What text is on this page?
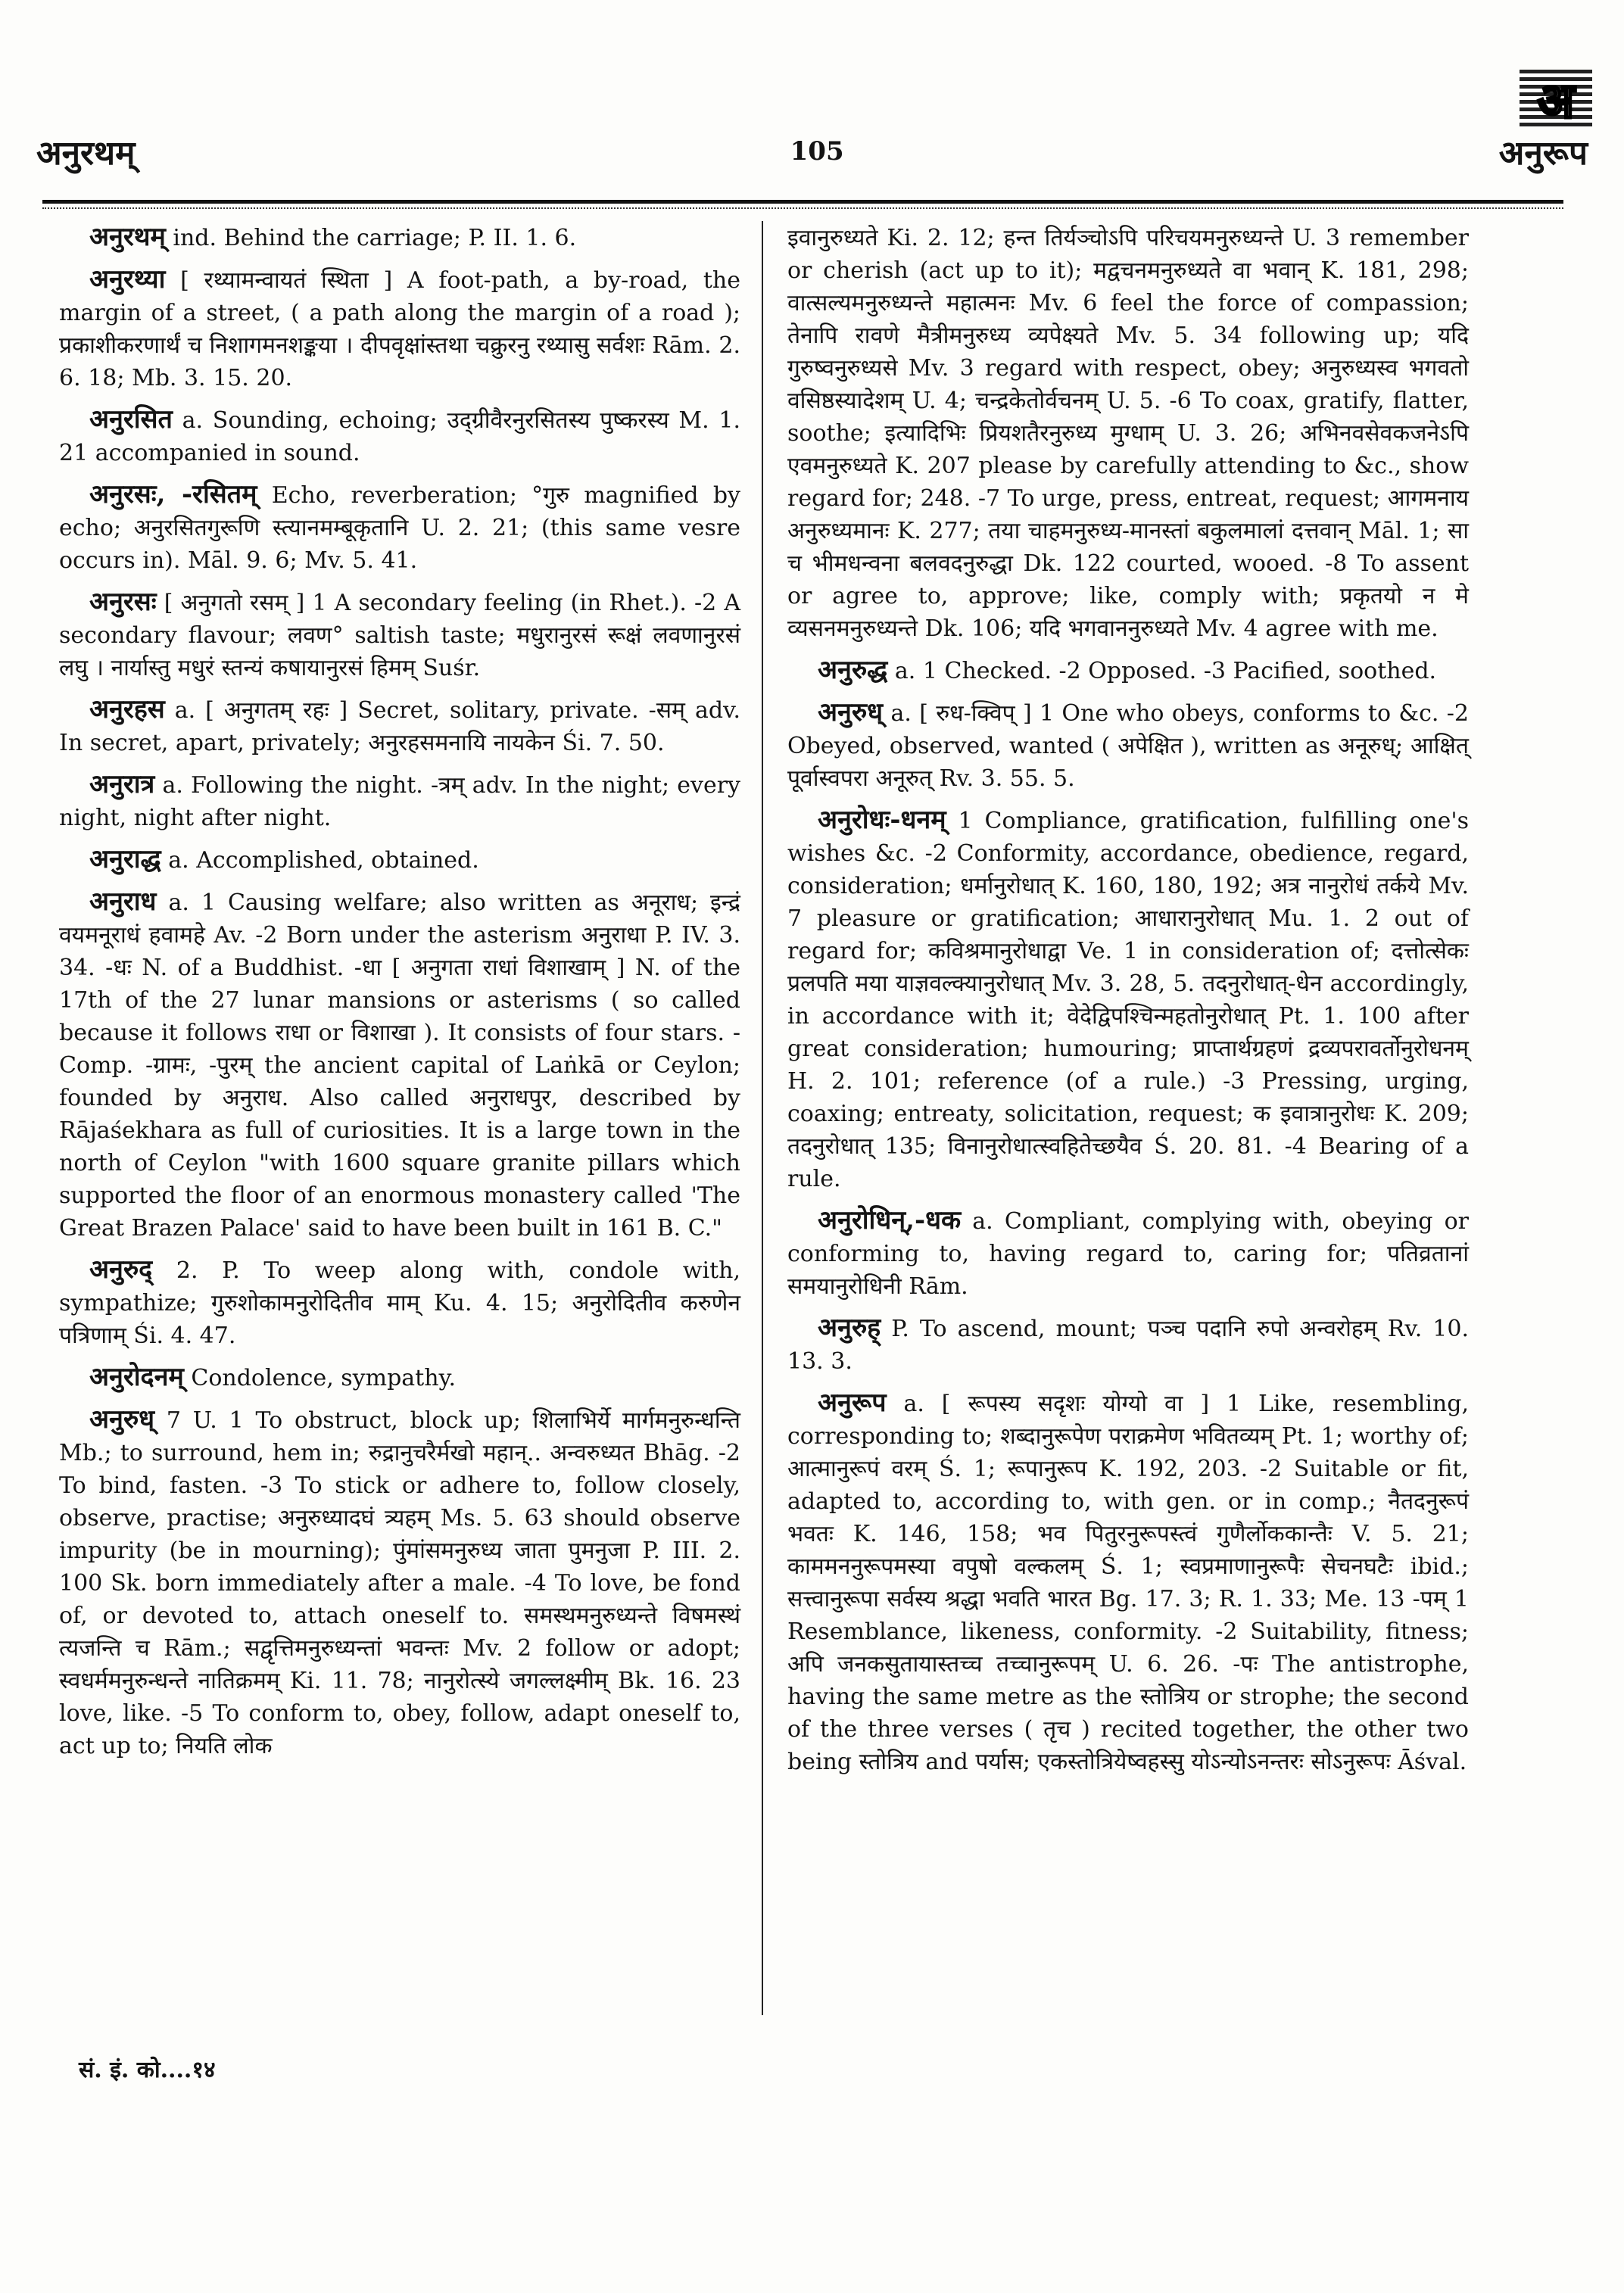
अनुरथम्	105	अनुरूप
अ

अनुरथम् ind. Behind the carriage; P. II. 1. 6.

अनुरथ्या [ रथ्यामन्वायतं स्थिता ] A foot-path, a by-road, the margin of a street, ( a path along the margin of a road ); प्रकाशीकरणार्थं च निशागमनशङ्कया । दीपवृक्षांस्तथा चक्रुरनु रथ्यासु सर्वशः Rām. 2. 6. 18; Mb. 3. 15. 20.

अनुरसित a. Sounding, echoing; उद्ग्रीवैरनुरसितस्य पुष्करस्य M. 1. 21 accompanied in sound.

अनुरसः, -रसितम् Echo, reverberation; °गुरु magnified by echo; अनुरसितगुरूणि स्त्यानमम्बूकृतानि U. 2. 21; (this same vesre occurs in). Māl. 9. 6; Mv. 5. 41.

अनुरसः [ अनुगतो रसम् ] 1 A secondary feeling (in Rhet.). -2 A secondary flavour; लवण° saltish taste; मधुरानुरसं रूक्षं लवणानुरसं लघु । नार्यास्तु मधुरं स्तन्यं कषायानुरसं हिमम् Suśr.

अनुरहस a. [ अनुगतम् रहः ] Secret, solitary, private. -सम् adv. In secret, apart, privately; अनुरहसमनायि नायकेन Śi. 7. 50.

अनुरात्र a. Following the night. -त्रम् adv. In the night; every night, night after night.

अनुराद्ध a. Accomplished, obtained.

अनुराध a. 1 Causing welfare; also written as अनूराध; इन्द्रं वयमनूराधं हवामहे Av. -2 Born under the asterism अनुराधा P. IV. 3. 34. -धः N. of a Buddhist. -धा [ अनुगता राधां विशाखाम् ] N. of the 17th of the 27 lunar mansions or asterisms ( so called because it follows राधा or विशाखा ). It consists of four stars. -Comp. -ग्रामः, -पुरम् the ancient capital of Laṅkā or Ceylon; founded by अनुराध. Also called अनुराधपुर, described by Rājaśekhara as full of curiosities. It is a large town in the north of Ceylon "with 1600 square granite pillars which supported the floor of an enormous monastery called 'The Great Brazen Palace' said to have been built in 161 B. C."

अनुरुद् 2. P. To weep along with, condole with, sympathize; गुरुशोकामनुरोदितीव माम् Ku. 4. 15; अनुरोदितीव करुणेन पत्रिणाम् Śi. 4. 47.

अनुरोदनम् Condolence, sympathy.

अनुरुध् 7 U. 1 To obstruct, block up; शिलाभिर्ये मार्गमनुरुन्धन्ति Mb.; to surround, hem in; रुद्रानुचरैर्मखो महान्.. अन्वरुध्यत Bhāg. -2 To bind, fasten. -3 To stick or adhere to, follow closely, observe, practise; अनुरुध्यादघं त्र्यहम् Ms. 5. 63 should observe impurity (be in mourning); पुंमांसमनुरुध्य जाता पुमनुजा P. III. 2. 100 Sk. born immediately after a male. -4 To love, be fond of, or devoted to, attach oneself to. समस्थमनुरुध्यन्ते विषमस्थं त्यजन्ति च Rām.; सद्वृत्तिमनुरुध्यन्तां भवन्तः Mv. 2 follow or adopt; स्वधर्ममनुरुन्धन्ते नातिक्रमम् Ki. 11. 78; नानुरोत्स्ये जगल्लक्ष्मीम् Bk. 16. 23 love, like. -5 To conform to, obey, follow, adapt oneself to, act up to; नियति लोक

इवानुरुध्यते Ki. 2. 12; हन्त तिर्यञ्चोऽपि परिचयमनुरुध्यन्ते U. 3 remember or cherish (act up to it); मद्वचनमनुरुध्यते वा भवान् K. 181, 298; वात्सल्यमनुरुध्यन्ते महात्मनः Mv. 6 feel the force of compassion; तेनापि रावणे मैत्रीमनुरुध्य व्यपेक्ष्यते Mv. 5. 34 following up; यदि गुरुष्वनुरुध्यसे Mv. 3 regard with respect, obey; अनुरुध्यस्व भगवतो वसिष्ठस्यादेशम् U. 4; चन्द्रकेतोर्वचनम् U. 5. -6 To coax, gratify, flatter, soothe; इत्यादिभिः प्रियशतैरनुरुध्य मुग्धाम् U. 3. 26; अभिनवसेवकजनेऽपि एवमनुरुध्यते K. 207 please by carefully attending to &c., show regard for; 248. -7 To urge, press, entreat, request; आगमनाय अनुरुध्यमानः K. 277; तया चाहमनुरुध्य-मानस्तां बकुलमालां दत्तवान् Māl. 1; सा च भीमधन्वना बलवदनुरुद्धा Dk. 122 courted, wooed. -8 To assent or agree to, approve; like, comply with; प्रकृतयो न मे व्यसनमनुरुध्यन्ते Dk. 106; यदि भगवाननुरुध्यते Mv. 4 agree with me.

अनुरुद्ध a. 1 Checked. -2 Opposed. -3 Pacified, soothed.

अनुरुध् a. [ रुध-क्विप् ] 1 One who obeys, conforms to &c. -2 Obeyed, observed, wanted ( अपेक्षित ), written as अनूरुध्; आक्षित् पूर्वास्वपरा अनूरुत् Rv. 3. 55. 5.

अनुरोधः-धनम् 1 Compliance, gratification, fulfilling one's wishes &c. -2 Conformity, accordance, obedience, regard, consideration; धर्मानुरोधात् K. 160, 180, 192; अत्र नानुरोधं तर्कये Mv. 7 pleasure or gratification; आधारानुरोधात् Mu. 1. 2 out of regard for; कविश्रमानुरोधाद्वा Ve. 1 in consideration of; दत्तोत्सेकः प्रलपति मया याज्ञवल्क्यानुरोधात् Mv. 3. 28, 5. तदनुरोधात्-धेन accordingly, in accordance with it; वेदेद्विपश्चिन्महतोनुरोधात् Pt. 1. 100 after great consideration; humouring; प्राप्तार्थग्रहणं द्रव्यपरावर्तोनुरोधनम् H. 2. 101; reference (of a rule.) -3 Pressing, urging, coaxing; entreaty, solicitation, request; क इवात्रानुरोधः K. 209; तदनुरोधात् 135; विनानुरोधात्स्वहितेच्छयैव Ś. 20. 81. -4 Bearing of a rule.

अनुरोधिन्,-धक a. Compliant, complying with, obeying or conforming to, having regard to, caring for; पतिव्रतानां समयानुरोधिनी Rām.

अनुरुह् P. To ascend, mount; पञ्च पदानि रुपो अन्वरोहम् Rv. 10. 13. 3.

अनुरूप a. [ रूपस्य सदृशः योग्यो वा ] 1 Like, resembling, corresponding to; शब्दानुरूपेण पराक्रमेण भवितव्यम् Pt. 1; worthy of; आत्मानुरूपं वरम् Ś. 1; रूपानुरूप K. 192, 203. -2 Suitable or fit, adapted to, according to, with gen. or in comp.; नैतदनुरूपं भवतः K. 146, 158; भव पितुरनुरूपस्त्वं गुणैर्लोककान्तैः V. 5. 21; काममननुरूपमस्या वपुषो वल्कलम् Ś. 1; स्वप्रमाणानुरूपैः सेचनघटैः ibid.; सत्त्वानुरूपा सर्वस्य श्रद्धा भवति भारत Bg. 17. 3; R. 1. 33; Me. 13 -पम् 1 Resemblance, likeness, conformity. -2 Suitability, fitness; अपि जनकसुतायास्तच्च तच्चानुरूपम् U. 6. 26. -पः The antistrophe, having the same metre as the स्तोत्रिय or strophe; the second of the three verses ( तृच ) recited together, the other two being स्तोत्रिय and पर्यास; एकस्तोत्रियेष्वहस्सु योऽन्योऽनन्तरः सोऽनुरूपः Āśval.

सं. इं. को....१४
